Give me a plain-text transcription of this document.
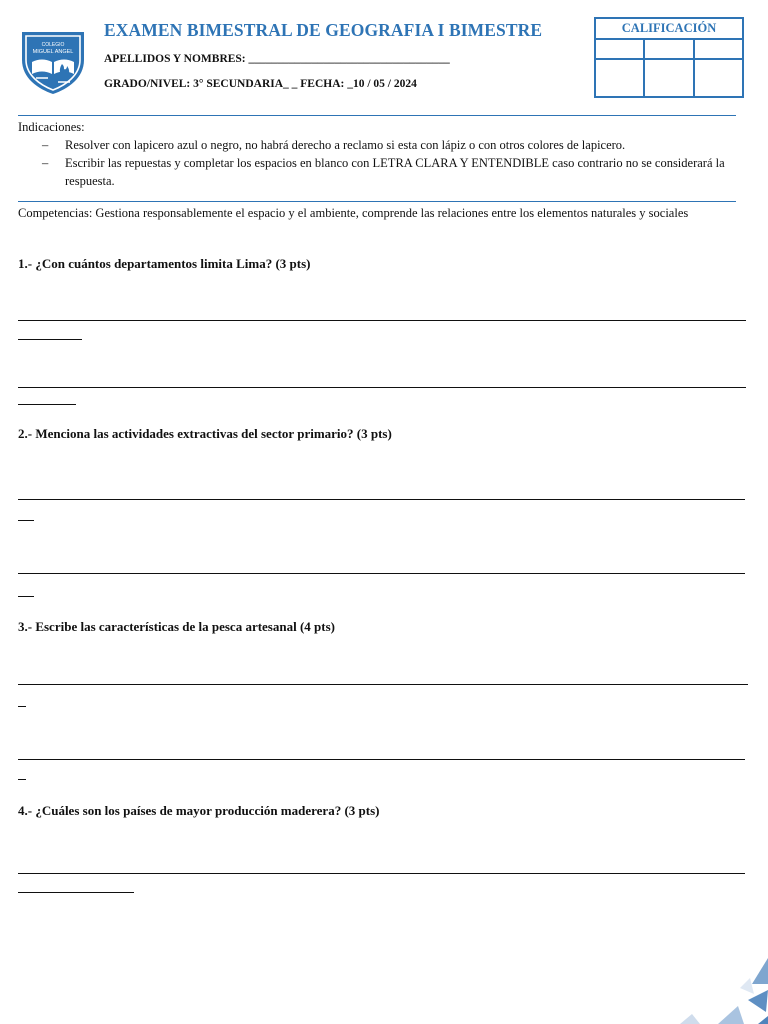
COLEGIO
MIGUEL ANGEL
EXAMEN BIMESTRAL DE GEOGRAFIA I BIMESTRE
APELLIDOS Y NOMBRES: ___________________________________
GRADO/NIVEL: 3° SECUNDARIA_ _ FECHA: _10 / 05 / 2024
CALIFICACIÓN
Indicaciones:
–	Resolver con lapicero azul o negro, no habrá derecho a reclamo si esta con lápiz o con otros colores de lapicero.
–	Escribir las repuestas y completar los espacios en blanco con LETRA CLARA Y ENTENDIBLE caso contrario no se considerará la respuesta.
Competencias: Gestiona responsablemente el espacio y el ambiente, comprende las relaciones entre los elementos naturales y sociales
1.- ¿Con cuántos departamentos limita Lima? (3 pts)
2.- Menciona las actividades extractivas del sector primario? (3 pts)
3.- Escribe las características de la pesca artesanal (4 pts)
4.- ¿Cuáles son los países de mayor producción maderera? (3 pts)
